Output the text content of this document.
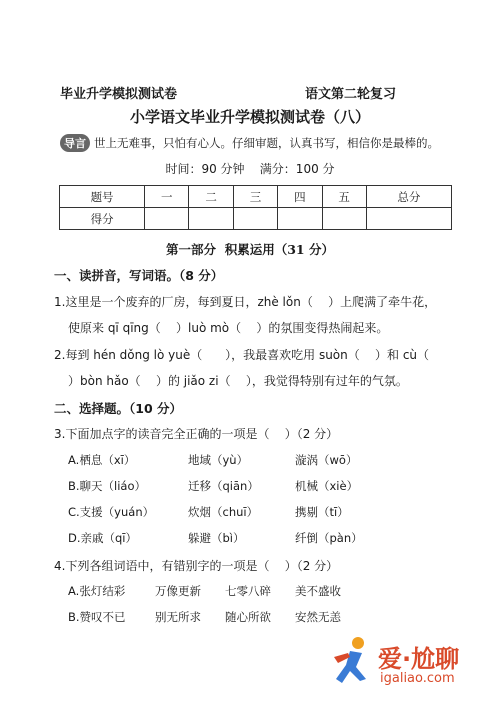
毕业升学模拟测试卷	语文第二轮复习
小学语文毕业升学模拟测试卷（八）
导言 世上无难事，只怕有心人。仔细审题，认真书写，相信你是最棒的。
时间：90 分钟    满分：100 分
题号	一	二	三	四	五	总分
得分						
第一部分  积累运用（31 分）
一、读拼音，写词语。（8 分）
1.这里是一个废弃的厂房，每到夏日，zhè lǒn（    ）上爬满了牵牛花，
使原来 qī qīng（    ）luò mò（    ）的氛围变得热闹起来。
2.每到 hén dǒng lò yuè（      ），我最喜欢吃用 suòn（    ）和 cù（
）bòn hǎo（    ）的 jiǎo zi（    ），我觉得特别有过年的气氛。
二、选择题。（10 分）
3.下面加点字的读音完全正确的一项是（    ）（2 分）
A.栖息（xī）	地域（yù）	漩涡（wō）
B.聊天（liáo）	迁移（qiān）	机械（xiè）
C.支援（yuán）	炊烟（chuī）	携剔（tī）
D.亲戚（qī）	躲避（bì）	纤倒（pàn）
4.下列各组词语中，有错别字的一项是（    ）（2 分）
A.张灯结彩	万像更新 七零八碎 美不盛收
B.赞叹不已	别无所求 随心所欲 安然无恙
爱·尬聊
igaliao.com
